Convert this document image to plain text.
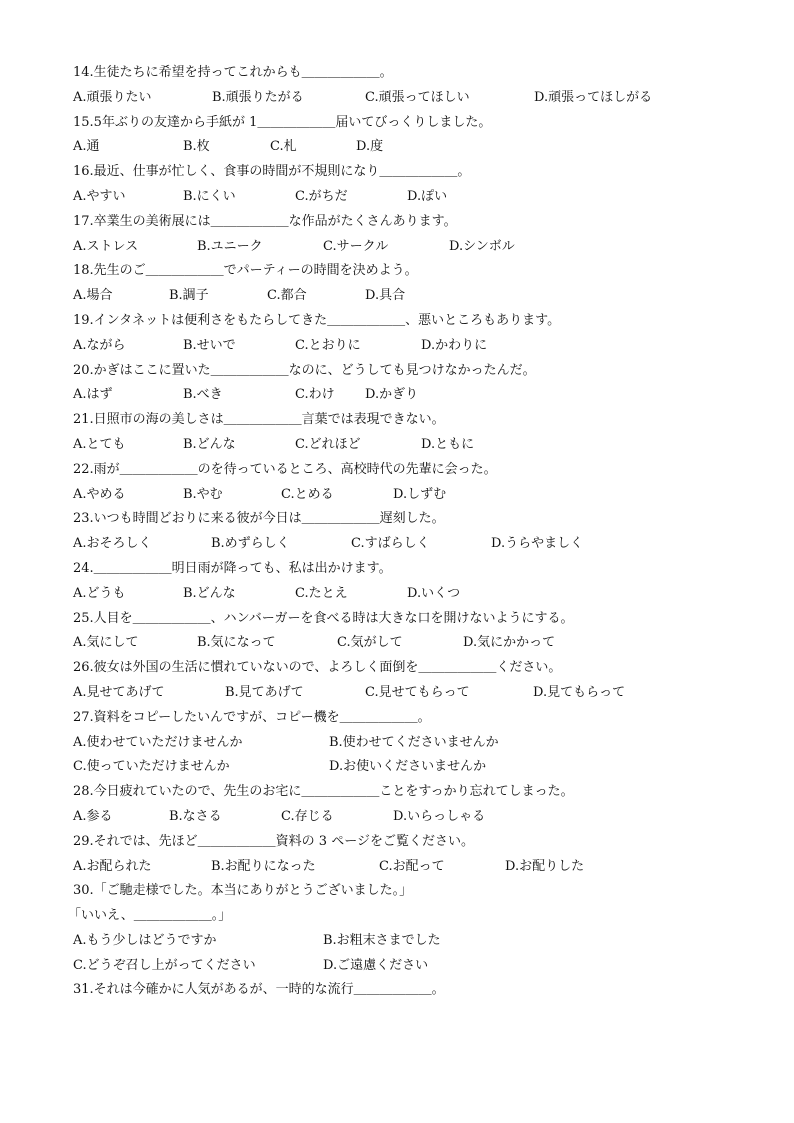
14.生徒たちに希望を持ってこれからも＿＿＿＿＿＿。
A.頑張りたい	B.頑張りたがる	C.頑張ってほしい	D.頑張ってほしがる
15.5年ぶりの友達から手紙が 1＿＿＿＿＿＿届いてびっくりしました。
A.通	B.枚	C.札	D.度
16.最近、仕事が忙しく、食事の時間が不規則になり＿＿＿＿＿＿。
A.やすい	B.にくい	C.がちだ	D.ぽい
17.卒業生の美術展には＿＿＿＿＿＿な作品がたくさんあります。
A.ストレス	B.ユニーク	C.サークル	D.シンボル
18.先生のご＿＿＿＿＿＿でパーティーの時間を決めよう。
A.場合	B.調子	C.都合	D.具合
19.インタネットは便利さをもたらしてきた＿＿＿＿＿＿、悪いところもあります。
A.ながら	B.せいで	C.とおりに	D.かわりに
20.かぎはここに置いた＿＿＿＿＿＿なのに、どうしても見つけなかったんだ。
A.はず	B.べき	C.わけ D.かぎり
21.日照市の海の美しさは＿＿＿＿＿＿言葉では表現できない。
A.とても	B.どんな	C.どれほど	D.ともに
22.雨が＿＿＿＿＿＿のを待っているところ、高校時代の先輩に会った。
A.やめる	B.やむ	C.とめる	D.しずむ
23.いつも時間どおりに来る彼が今日は＿＿＿＿＿＿遅刻した。
A.おそろしく	B.めずらしく	C.すばらしく	D.うらやましく
24.＿＿＿＿＿＿明日雨が降っても、私は出かけます。
A.どうも	B.どんな	C.たとえ	D.いくつ
25.人目を＿＿＿＿＿＿、ハンバーガーを食べる時は大きな口を開けないようにする。
A.気にして	B.気になって	C.気がして	D.気にかかって
26.彼女は外国の生活に慣れていないので、よろしく面倒を＿＿＿＿＿＿ください。
A.見せてあげて	B.見てあげて	C.見せてもらって	D.見てもらって
27.資料をコピーしたいんですが、コピー機を＿＿＿＿＿＿。
A.使わせていただけませんか	B.使わせてくださいませんか
C.使っていただけませんか	D.お使いくださいませんか
28.今日疲れていたので、先生のお宅に＿＿＿＿＿＿ことをすっかり忘れてしまった。
A.参る	B.なさる	C.存じる	D.いらっしゃる
29.それでは、先ほど＿＿＿＿＿＿資料の 3 ページをご覧ください。
A.お配られた	B.お配りになった	C.お配って	D.お配りした
30.「ご馳走様でした。本当にありがとうございました。」
「いいえ、＿＿＿＿＿＿。」
A.もう少しはどうですか	B.お粗末さまでした
C.どうぞ召し上がってください	D.ご遠慮ください
31.それは今確かに人気があるが、一時的な流行＿＿＿＿＿＿。
